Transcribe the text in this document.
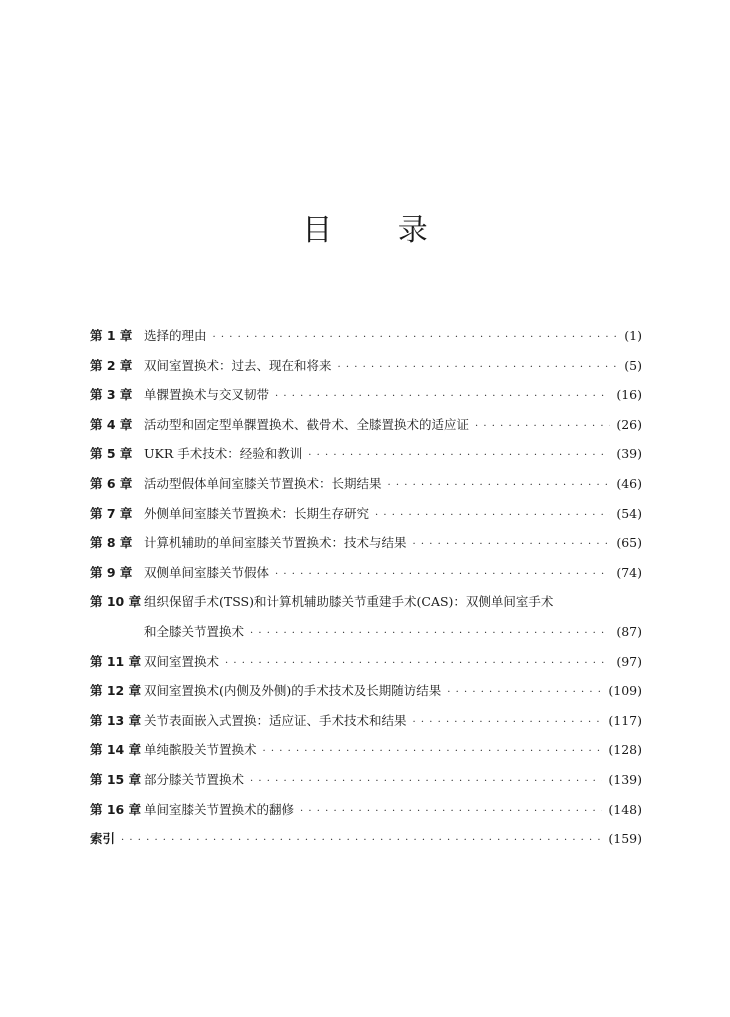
目 录
第 1 章 选择的理由 · · ·	(1)
第 2 章 双间室置换术：过去、现在和将来 · · ·	(5)
第 3 章 单髁置换术与交叉韧带 · · ·	(16)
第 4 章 活动型和固定型单髁置换术、截骨术、全膝置换术的适应证 · · ·	(26)
第 5 章 UKR 手术技术：经验和教训 · · ·	(39)
第 6 章 活动型假体单间室膝关节置换术：长期结果 · · ·	(46)
第 7 章 外侧单间室膝关节置换术：长期生存研究 · · ·	(54)
第 8 章 计算机辅助的单间室膝关节置换术：技术与结果 · · ·	(65)
第 9 章 双侧单间室膝关节假体 · · ·	(74)
第 10 章 组织保留手术(TSS)和计算机辅助膝关节重建手术(CAS)：双侧单间室手术
和全膝关节置换术 · · ·	(87)
第 11 章 双间室置换术 · · ·	(97)
第 12 章 双间室置换术(内侧及外侧)的手术技术及长期随访结果 · · ·	(109)
第 13 章 关节表面嵌入式置换：适应证、手术技术和结果 · · ·	(117)
第 14 章 单纯髌股关节置换术 · · ·	(128)
第 15 章 部分膝关节置换术 · · ·	(139)
第 16 章 单间室膝关节置换术的翻修 · · ·	(148)
索引 · · ·	(159)
